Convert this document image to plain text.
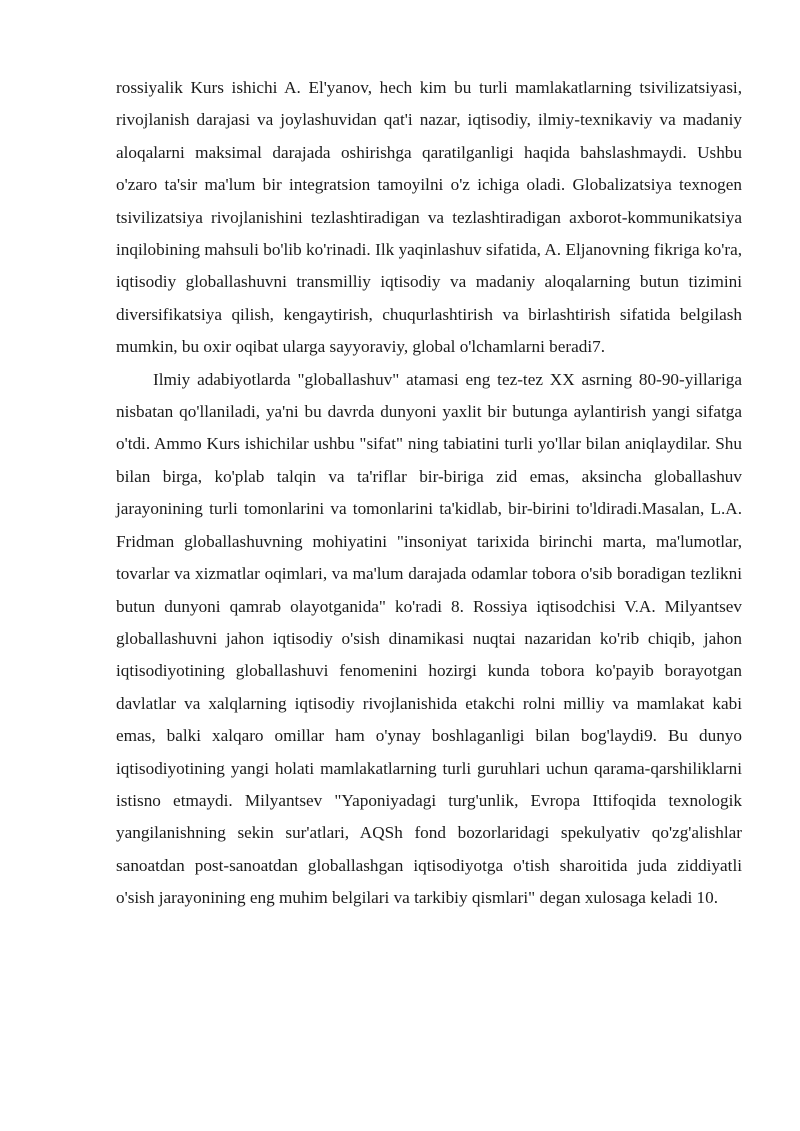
rossiyalik Kurs ishichi A. El'yanov, hech kim bu turli mamlakatlarning tsivilizatsiyasi, rivojlanish darajasi va joylashuvidan qat'i nazar, iqtisodiy, ilmiy-texnikaviy va madaniy aloqalarni maksimal darajada oshirishga qaratilganligi haqida bahslashmaydi. Ushbu o'zaro ta'sir ma'lum bir integratsion tamoyilni o'z ichiga oladi. Globalizatsiya texnogen tsivilizatsiya rivojlanishini tezlashtiradigan va tezlashtiradigan axborot-kommunikatsiya inqilobining mahsuli bo'lib ko'rinadi. Ilk yaqinlashuv sifatida, A. Eljanovning fikriga ko'ra, iqtisodiy globallashuvni transmilliy iqtisodiy va madaniy aloqalarning butun tizimini diversifikatsiya qilish, kengaytirish, chuqurlashtirish va birlashtirish sifatida belgilash mumkin, bu oxir oqibat ularga sayyoraviy, global o'lchamlarni beradi7.

Ilmiy adabiyotlarda "globallashuv" atamasi eng tez-tez XX asrning 80-90-yillariga nisbatan qo'llaniladi, ya'ni bu davrda dunyoni yaxlit bir butunga aylantirish yangi sifatga o'tdi. Ammo Kurs ishichilar ushbu "sifat" ning tabiatini turli yo'llar bilan aniqlaydilar. Shu bilan birga, ko'plab talqin va ta'riflar bir-biriga zid emas, aksincha globallashuv jarayonining turli tomonlarini va tomonlarini ta'kidlab, bir-birini to'ldiradi.Masalan, L.A. Fridman globallashuvning mohiyatini "insoniyat tarixida birinchi marta, ma'lumotlar, tovarlar va xizmatlar oqimlari, va ma'lum darajada odamlar tobora o'sib boradigan tezlikni butun dunyoni qamrab olayotganida" ko'radi 8. Rossiya iqtisodchisi V.A. Milyantsev globallashuvni jahon iqtisodiy o'sish dinamikasi nuqtai nazaridan ko'rib chiqib, jahon iqtisodiyotining globallashuvi fenomenini hozirgi kunda tobora ko'payib borayotgan davlatlar va xalqlarning iqtisodiy rivojlanishida etakchi rolni milliy va mamlakat kabi emas, balki xalqaro omillar ham o'ynay boshlaganligi bilan bog'laydi9. Bu dunyo iqtisodiyotining yangi holati mamlakatlarning turli guruhlari uchun qarama-qarshiliklarni istisno etmaydi. Milyantsev "Yaponiyadagi turg'unlik, Evropa Ittifoqida texnologik yangilanishning sekin sur'atlari, AQSh fond bozorlaridagi spekulyativ qo'zg'alishlar sanoatdan post-sanoatdan globallashgan iqtisodiyotga o'tish sharoitida juda ziddiyatli o'sish jarayonining eng muhim belgilari va tarkibiy qismlari" degan xulosaga keladi 10.
